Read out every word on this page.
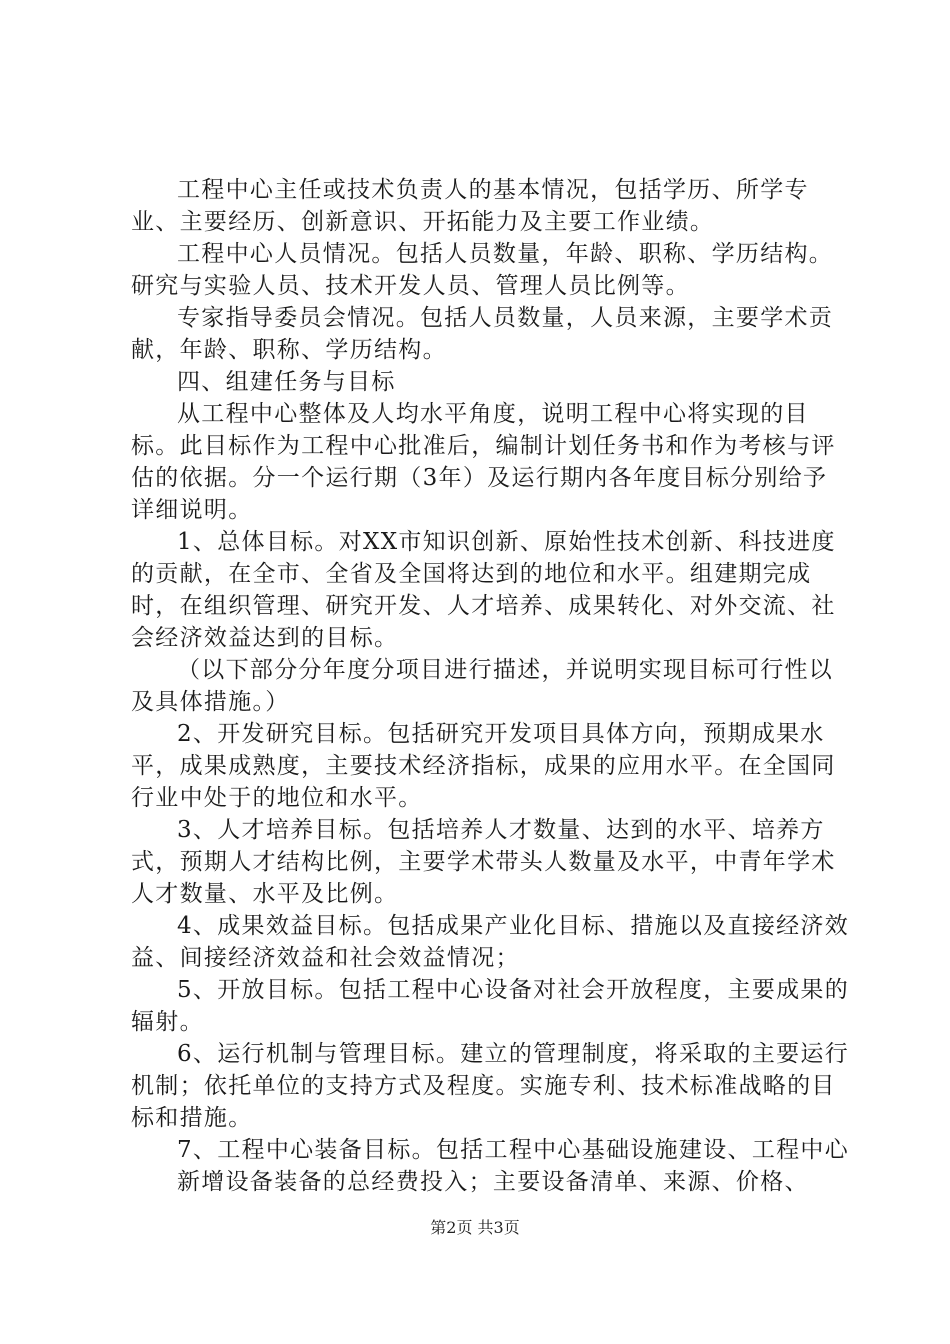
工程中心主任或技术负责人的基本情况，包括学历、所学专业、主要经历、创新意识、开拓能力及主要工作业绩。

工程中心人员情况。包括人员数量，年龄、职称、学历结构。研究与实验人员、技术开发人员、管理人员比例等。

专家指导委员会情况。包括人员数量，人员来源，主要学术贡献，年龄、职称、学历结构。

四、组建任务与目标

从工程中心整体及人均水平角度，说明工程中心将实现的目标。此目标作为工程中心批准后，编制计划任务书和作为考核与评估的依据。分一个运行期（3年）及运行期内各年度目标分别给予详细说明。

1、总体目标。对XX市知识创新、原始性技术创新、科技进度的贡献，在全市、全省及全国将达到的地位和水平。组建期完成时，在组织管理、研究开发、人才培养、成果转化、对外交流、社会经济效益达到的目标。

（以下部分分年度分项目进行描述，并说明实现目标可行性以及具体措施。）

2、开发研究目标。包括研究开发项目具体方向，预期成果水平，成果成熟度，主要技术经济指标，成果的应用水平。在全国同行业中处于的地位和水平。

3、人才培养目标。包括培养人才数量、达到的水平、培养方式，预期人才结构比例，主要学术带头人数量及水平，中青年学术人才数量、水平及比例。

4、成果效益目标。包括成果产业化目标、措施以及直接经济效益、间接经济效益和社会效益情况；

5、开放目标。包括工程中心设备对社会开放程度，主要成果的辐射。

6、运行机制与管理目标。建立的管理制度，将采取的主要运行机制；依托单位的支持方式及程度。实施专利、技术标准战略的目标和措施。

7、工程中心装备目标。包括工程中心基础设施建设、工程中心

新增设备装备的总经费投入；主要设备清单、来源、价格、

第2页 共3页
